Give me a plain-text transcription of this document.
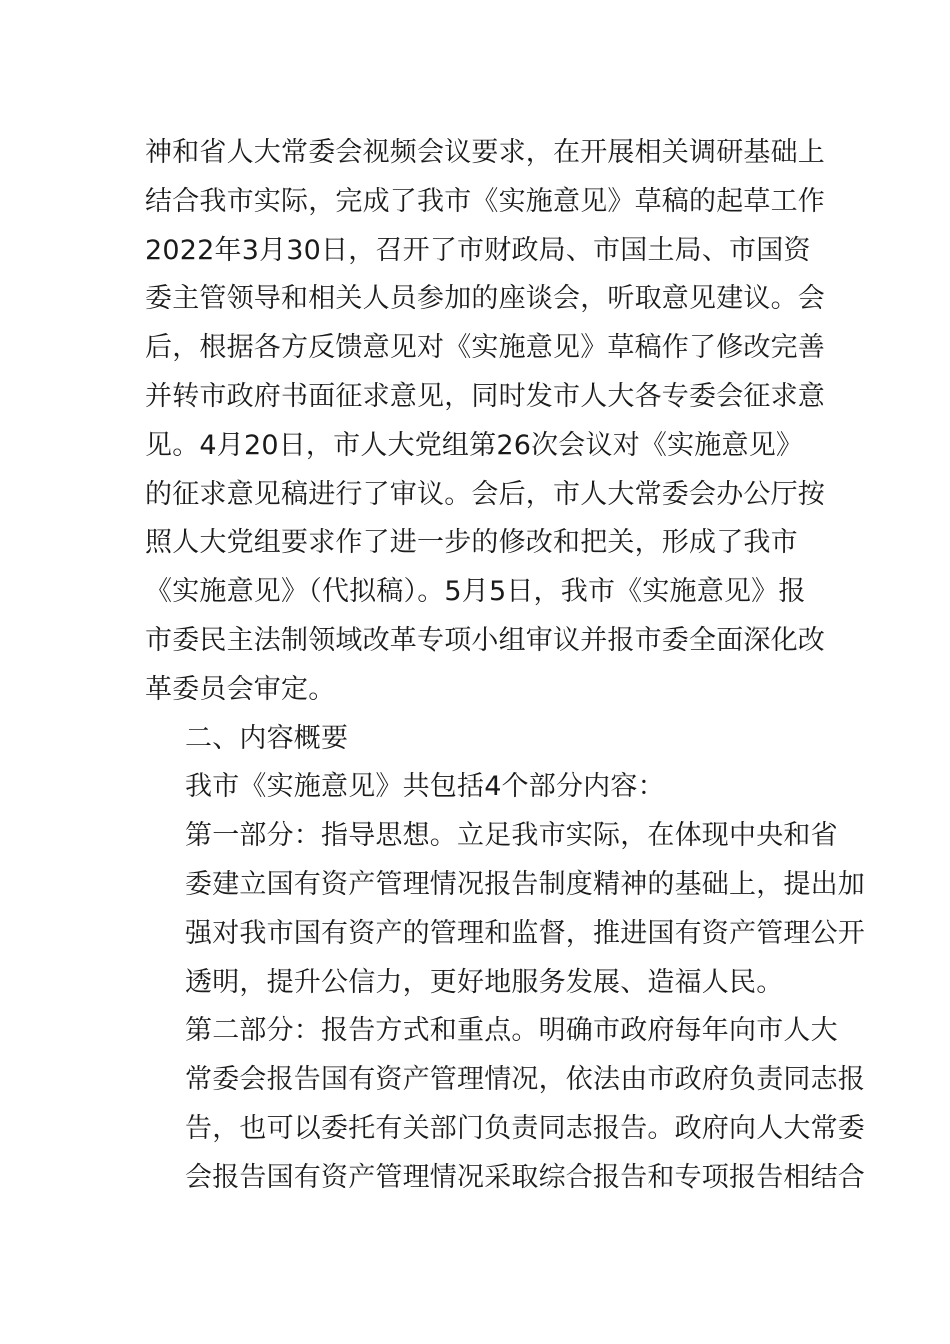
神和省人大常委会视频会议要求，在开展相关调研基础上
结合我市实际，完成了我市《实施意见》草稿的起草工作
2022年3月30日，召开了市财政局、市国土局、市国资
委主管领导和相关人员参加的座谈会，听取意见建议。会
后，根据各方反馈意见对《实施意见》草稿作了修改完善
并转市政府书面征求意见，同时发市人大各专委会征求意
见。4月20日，市人大党组第26次会议对《实施意见》
的征求意见稿进行了审议。会后，市人大常委会办公厅按
照人大党组要求作了进一步的修改和把关，形成了我市
《实施意见》（代拟稿）。5月5日，我市《实施意见》报
市委民主法制领域改革专项小组审议并报市委全面深化改
革委员会审定。

二、内容概要

我市《实施意见》共包括4个部分内容：

第一部分：指导思想。立足我市实际，在体现中央和省
委建立国有资产管理情况报告制度精神的基础上，提出加
强对我市国有资产的管理和监督，推进国有资产管理公开
透明，提升公信力，更好地服务发展、造福人民。

第二部分：报告方式和重点。明确市政府每年向市人大
常委会报告国有资产管理情况，依法由市政府负责同志报
告，也可以委托有关部门负责同志报告。政府向人大常委
会报告国有资产管理情况采取综合报告和专项报告相结合
